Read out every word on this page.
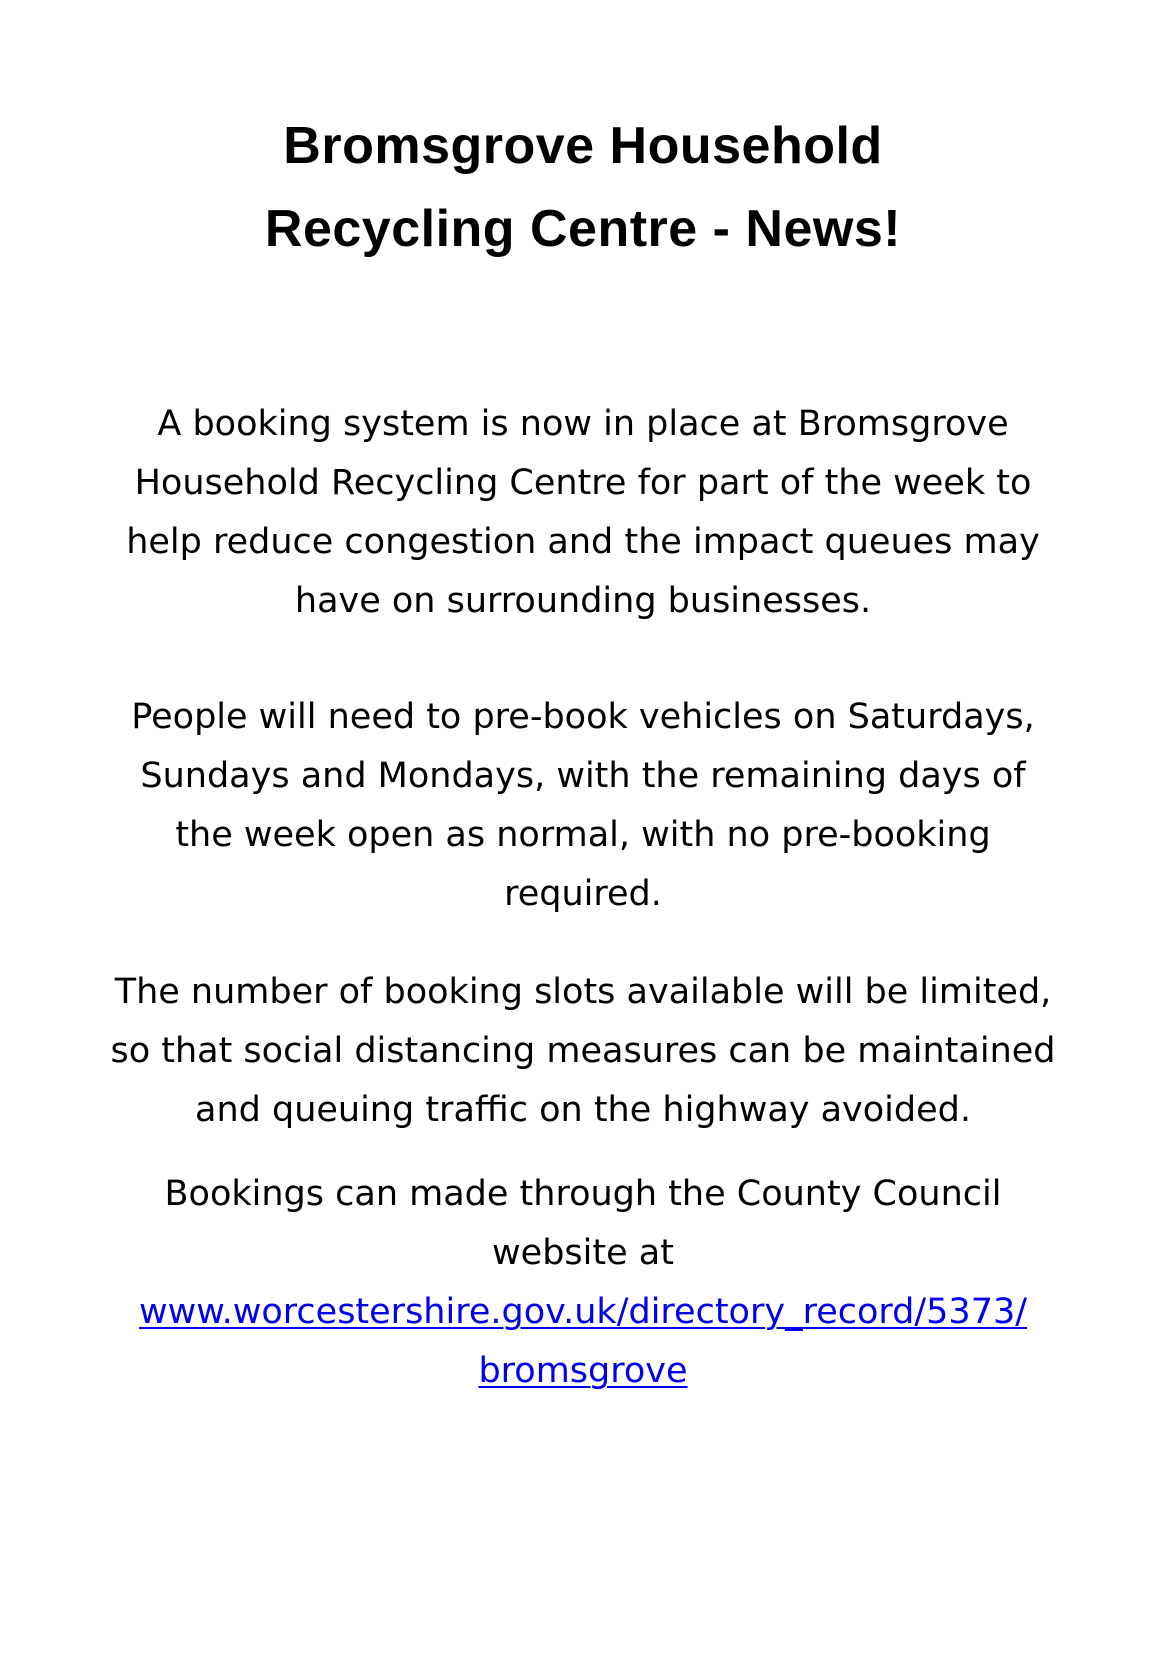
Bromsgrove Household
Recycling Centre - News!
A booking system is now in place at Bromsgrove
Household Recycling Centre for part of the week to
help reduce congestion and the impact queues may
have on surrounding businesses.
People will need to pre-book vehicles on Saturdays,
Sundays and Mondays, with the remaining days of
the week open as normal, with no pre-booking
required.
The number of booking slots available will be limited,
so that social distancing measures can be maintained
and queuing traffic on the highway avoided.
Bookings can made through the County Council
website at
www.worcestershire.gov.uk/directory_record/5373/
bromsgrove
